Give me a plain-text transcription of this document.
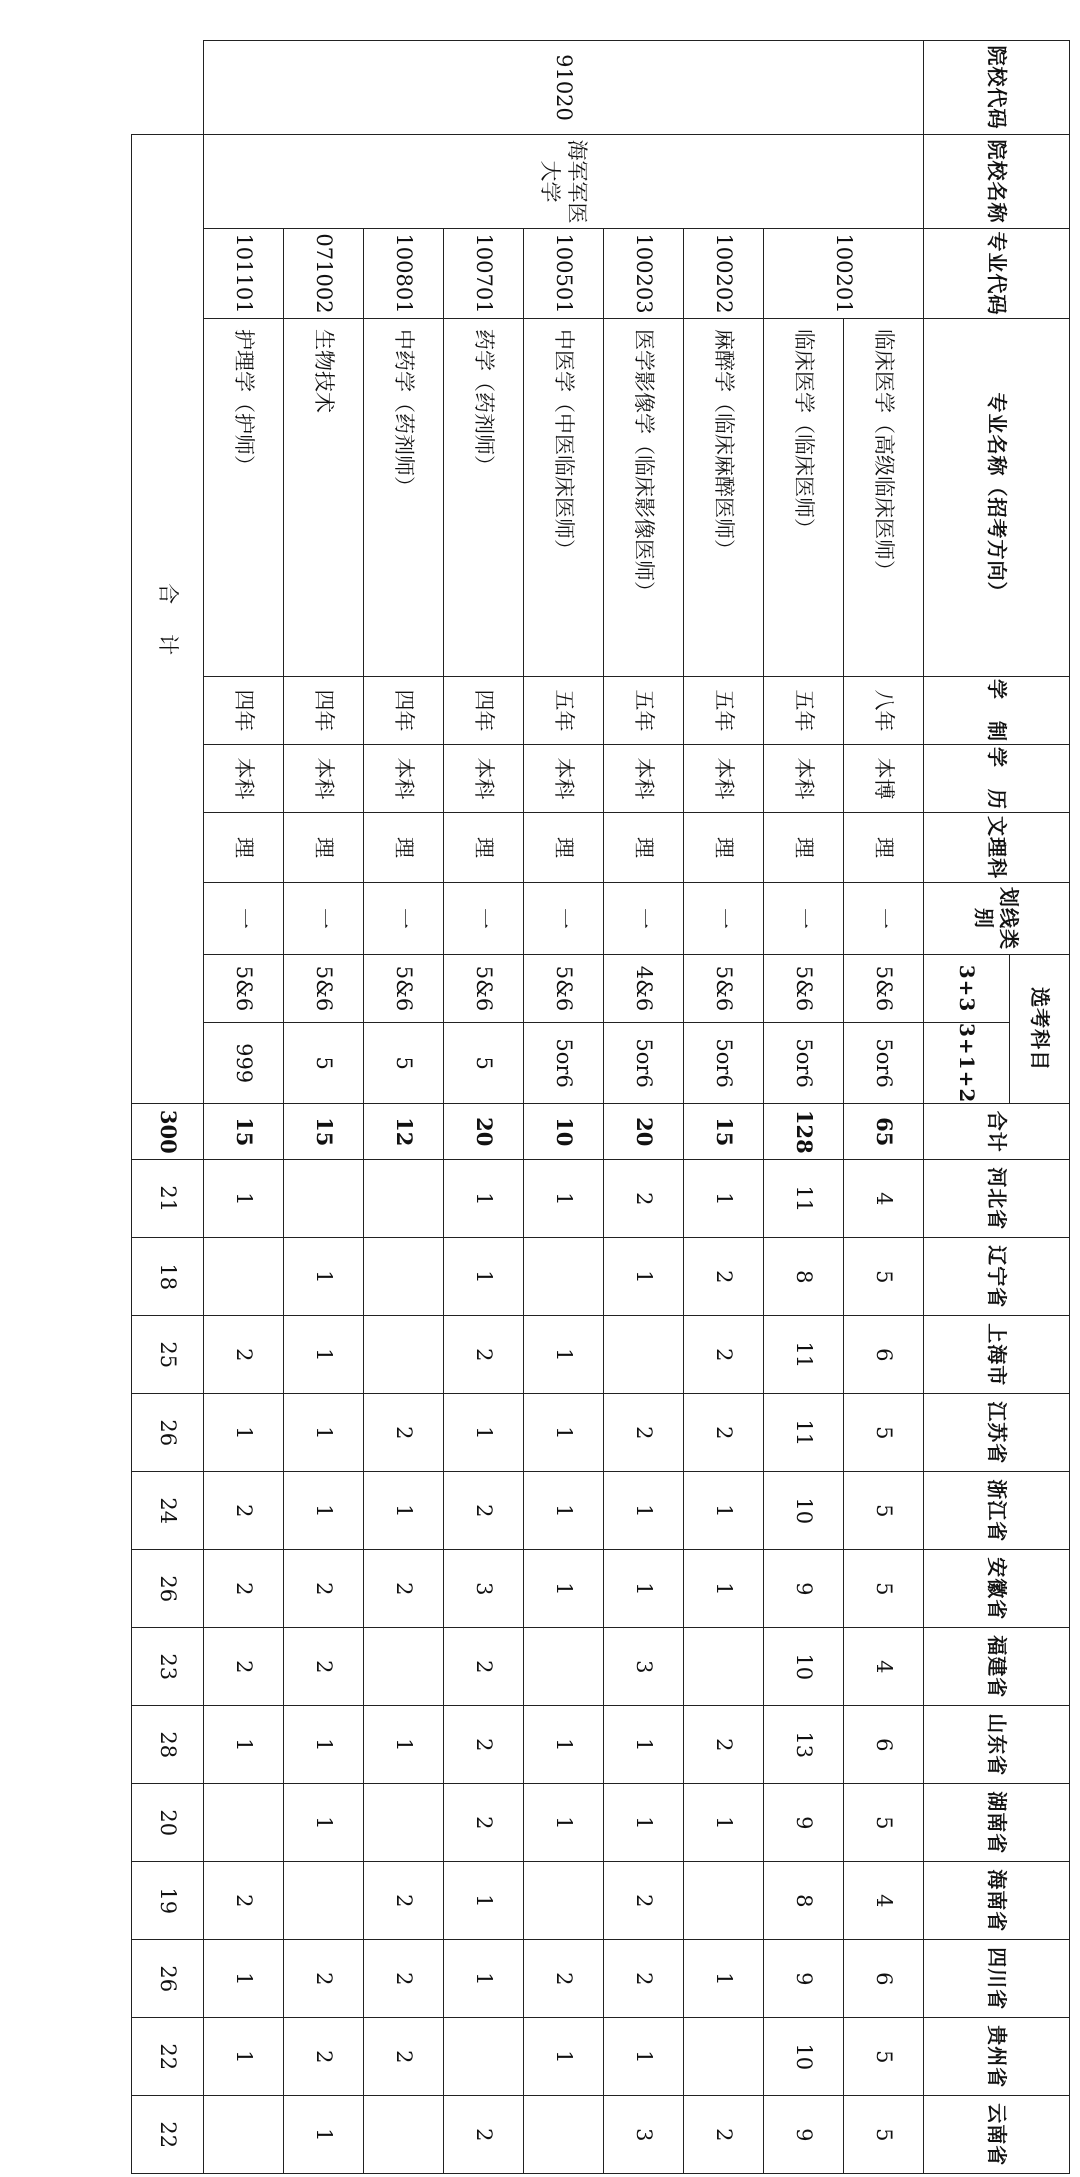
院校代码	院校名称	专业代码	专业名称（招考方向）	学　制	学　历	文理科	划线类别	选考科目		合计	河北省	辽宁省	上海市	江苏省	浙江省	安徽省	福建省	山东省	湖南省	海南省	四川省	贵州省	云南省
								3+3	3+1+2														
91020	海军军医大学	100201	临床医学（高级临床医师）	八年	本博	理	一	5&6	5or6	65	4	5	6	5	5	5	4	6	5	4	6	5	5
			临床医学（临床医师）	五年	本科	理	一	5&6	5or6	128	11	8	11	11	10	9	10	13	9	8	9	10	9
		100202	麻醉学（临床麻醉医师）	五年	本科	理	一	5&6	5or6	15	1	2	2	2	1	1		2	1		1		2
		100203	医学影像学（临床影像医师）	五年	本科	理	一	4&6	5or6	20	2	1		2	1	1	3	1	1	2	2	1	3
		100501	中医学（中医临床医师）	五年	本科	理	一	5&6	5or6	10	1		1	1	1	1		1	1		2	1	
		100701	药学（药剂师）	四年	本科	理	一	5&6	5	20	1	1	2	1	2	3	2	2	2	1	1		2
		100801	中药学（药剂师）	四年	本科	理	一	5&6	5	12				2	1	2		1		2	2	2	
		071002	生物技术	四年	本科	理	一	5&6	5	15		1	1	1	1	2	2	1	1		2	2	1
		101101	护理学（护师）	四年	本科	理	一	5&6	999	15	1		2	1	2	2	2	1		2	1	1	
	合计									300	21	18	25	26	24	26	23	28	20	19	26	22	22
